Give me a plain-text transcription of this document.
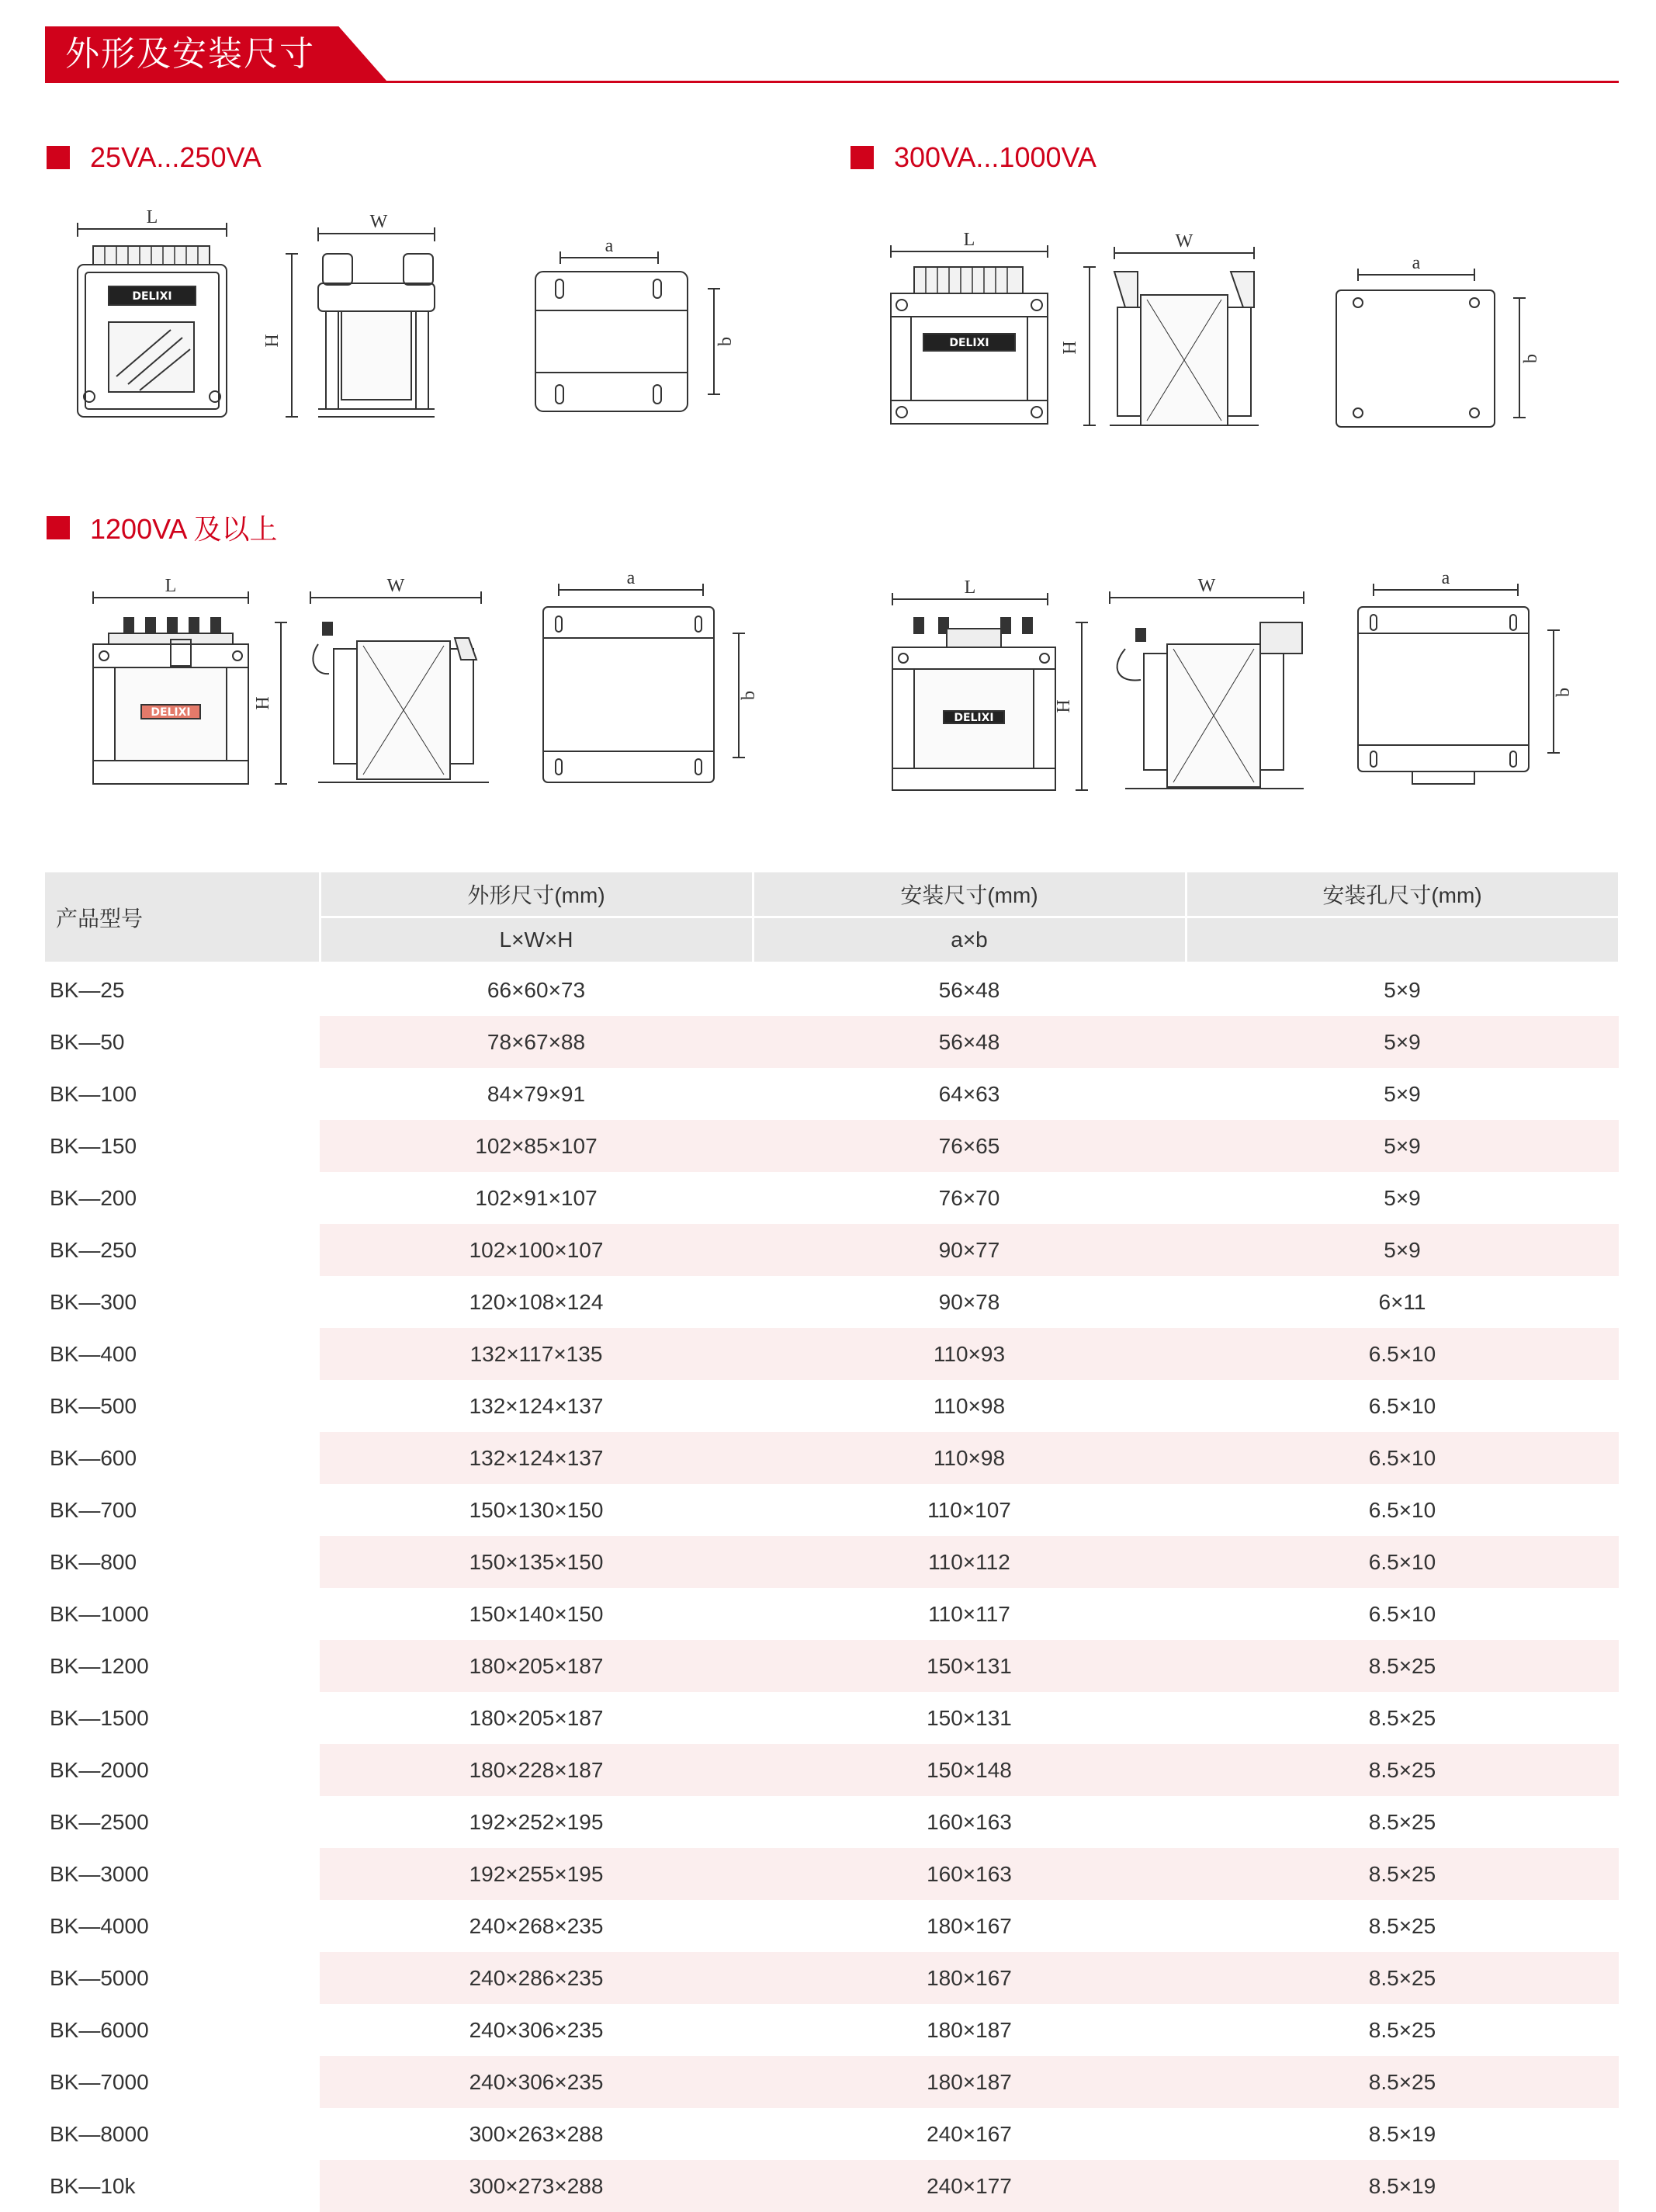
外形及安装尺寸
25VA...250VA	300VA...1000VA
1200VA 及以上
DELIXI
L	W
H
a
b	DELIXI
L	W
H
a
b
DELIXI
L
H
W	a
b
DELIXI
L
H
W	a
b
产品型号	外形尺寸(mm)	安装尺寸(mm)	安装孔尺寸(mm)
	L×W×H	a×b	
BK—25	66×60×73	56×48	5×9
BK—50	78×67×88	56×48	5×9
BK—100	84×79×91	64×63	5×9
BK—150	102×85×107	76×65	5×9
BK—200	102×91×107	76×70	5×9
BK—250	102×100×107	90×77	5×9
BK—300	120×108×124	90×78	6×11
BK—400	132×117×135	110×93	6.5×10
BK—500	132×124×137	110×98	6.5×10
BK—600	132×124×137	110×98	6.5×10
BK—700	150×130×150	110×107	6.5×10
BK—800	150×135×150	110×112	6.5×10
BK—1000	150×140×150	110×117	6.5×10
BK—1200	180×205×187	150×131	8.5×25
BK—1500	180×205×187	150×131	8.5×25
BK—2000	180×228×187	150×148	8.5×25
BK—2500	192×252×195	160×163	8.5×25
BK—3000	192×255×195	160×163	8.5×25
BK—4000	240×268×235	180×167	8.5×25
BK—5000	240×286×235	180×167	8.5×25
BK—6000	240×306×235	180×187	8.5×25
BK—7000	240×306×235	180×187	8.5×25
BK—8000	300×263×288	240×167	8.5×19
BK—10k	300×273×288	240×177	8.5×19
